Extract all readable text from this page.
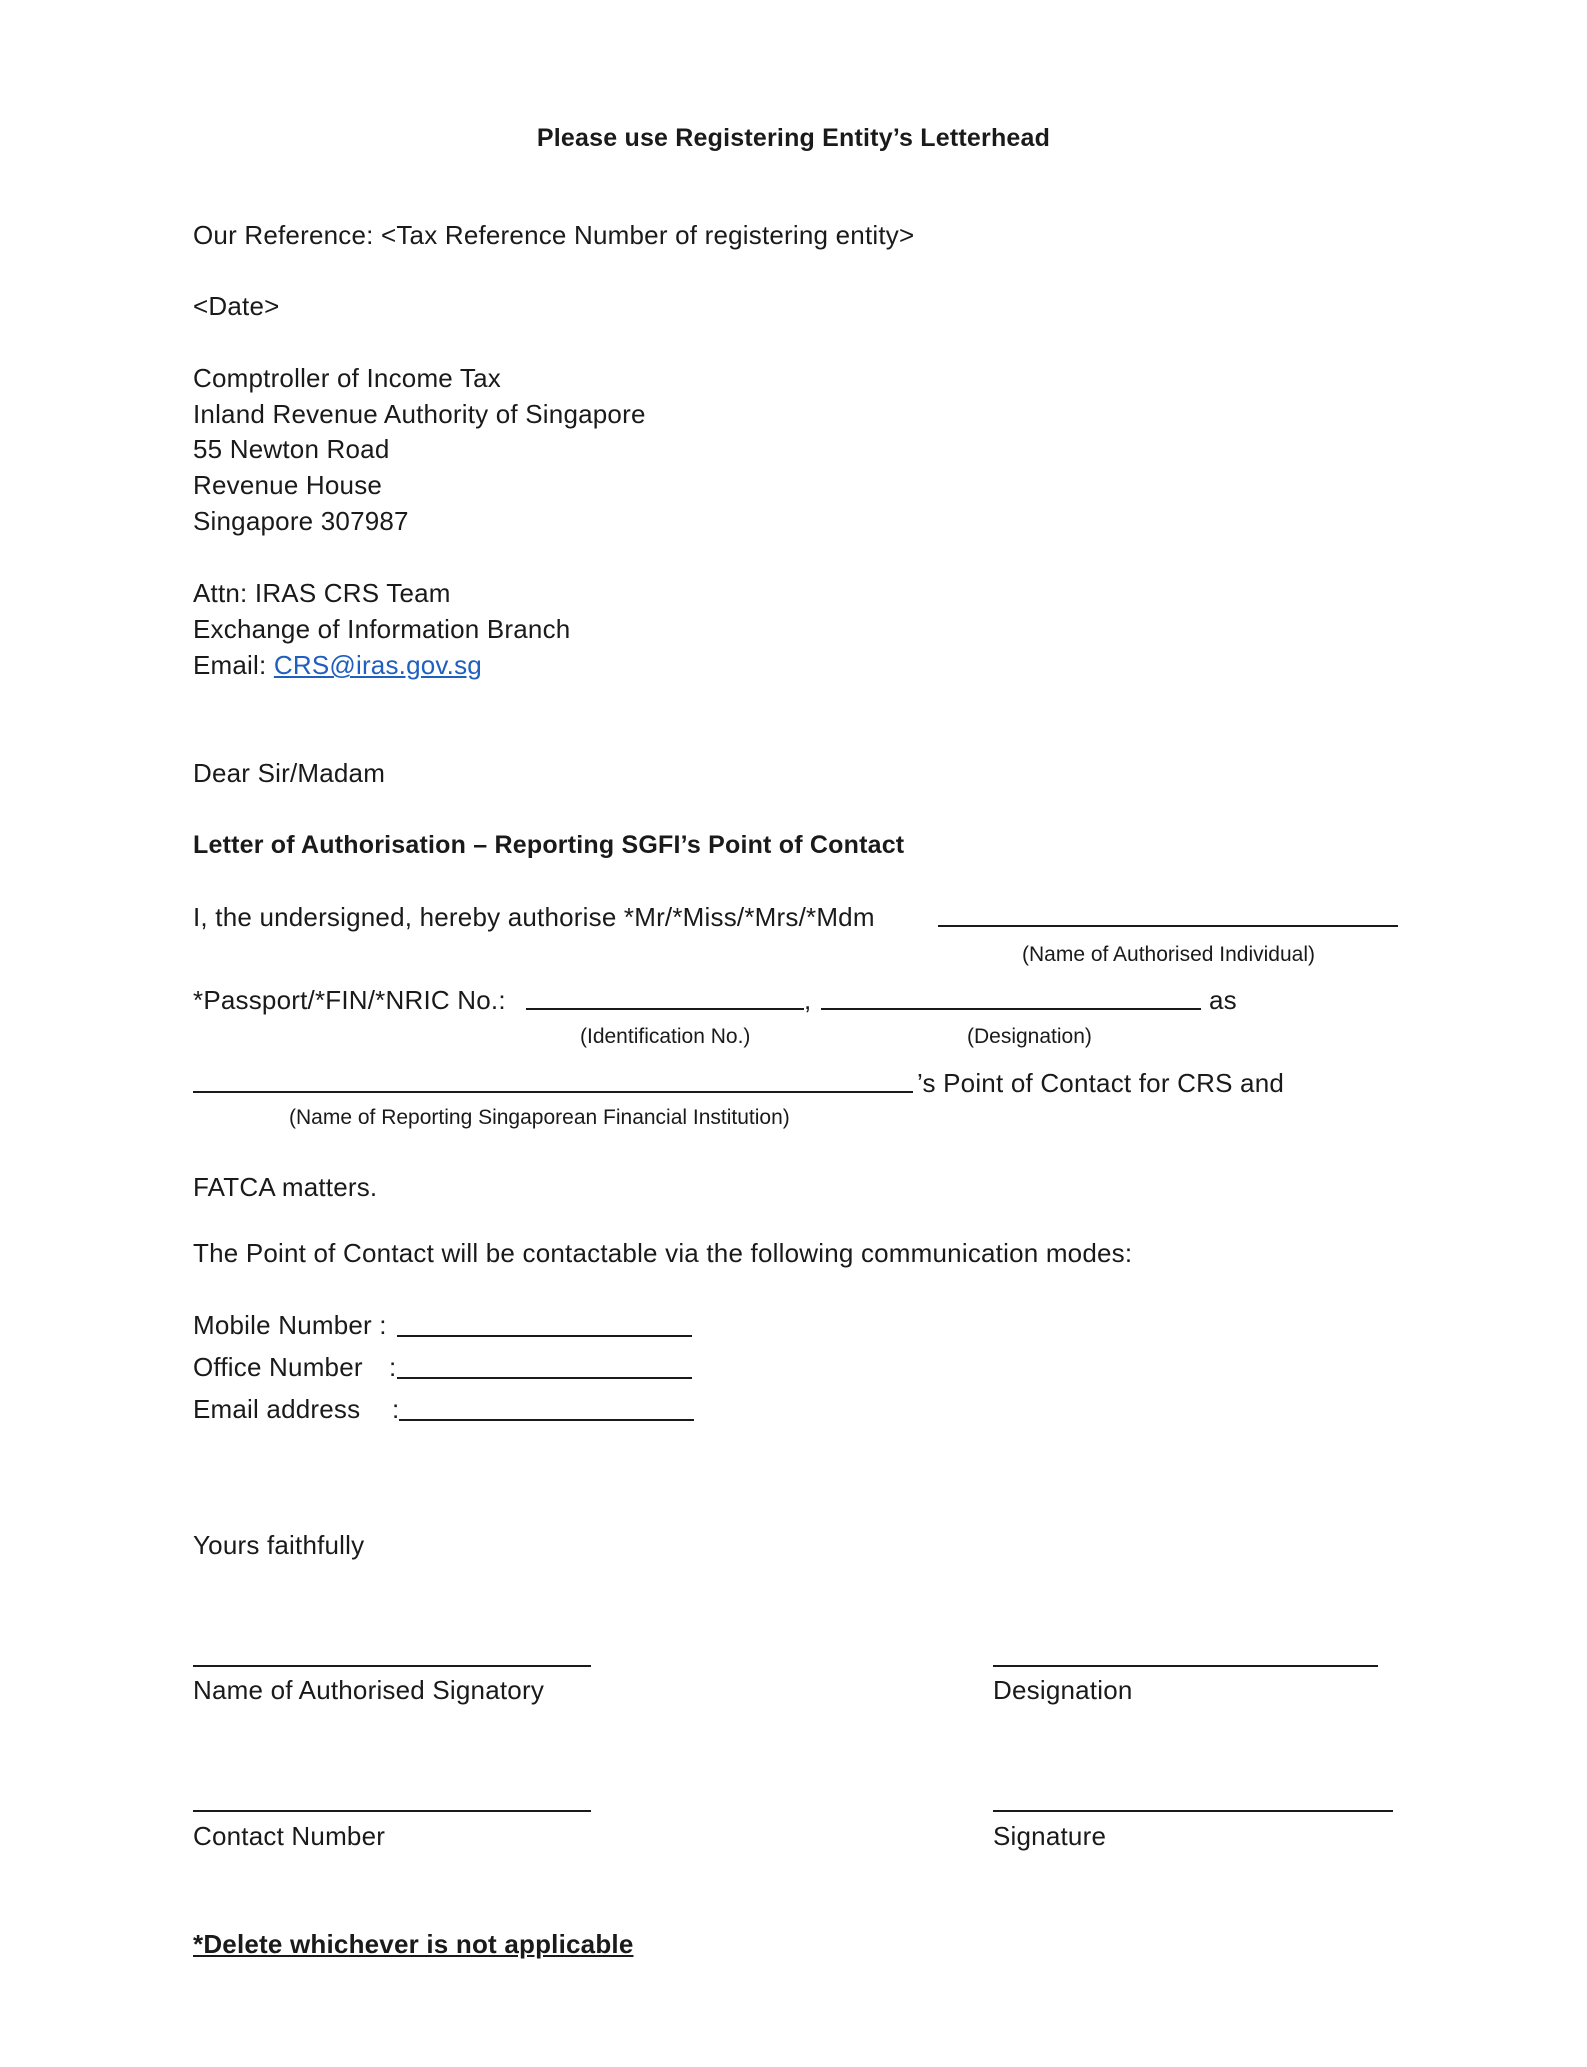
Please use Registering Entity’s Letterhead
Our Reference: <Tax Reference Number of registering entity>
<Date>
Comptroller of Income Tax
Inland Revenue Authority of Singapore
55 Newton Road
Revenue House
Singapore 307987
Attn: IRAS CRS Team
Exchange of Information Branch
Email: CRS@iras.gov.sg
Dear Sir/Madam
Letter of Authorisation – Reporting SGFI’s Point of Contact
I, the undersigned, hereby authorise *Mr/*Miss/*Mrs/*Mdm
(Name of Authorised Individual)
*Passport/*FIN/*NRIC No.:	,	as
(Identification No.)	(Designation)
’s Point of Contact for CRS and
(Name of Reporting Singaporean Financial Institution)
FATCA matters.
The Point of Contact will be contactable via the following communication modes:
Mobile Number :
Office Number :
Email address :
Yours faithfully
Name of Authorised Signatory	Designation
Contact Number	Signature
*Delete whichever is not applicable
